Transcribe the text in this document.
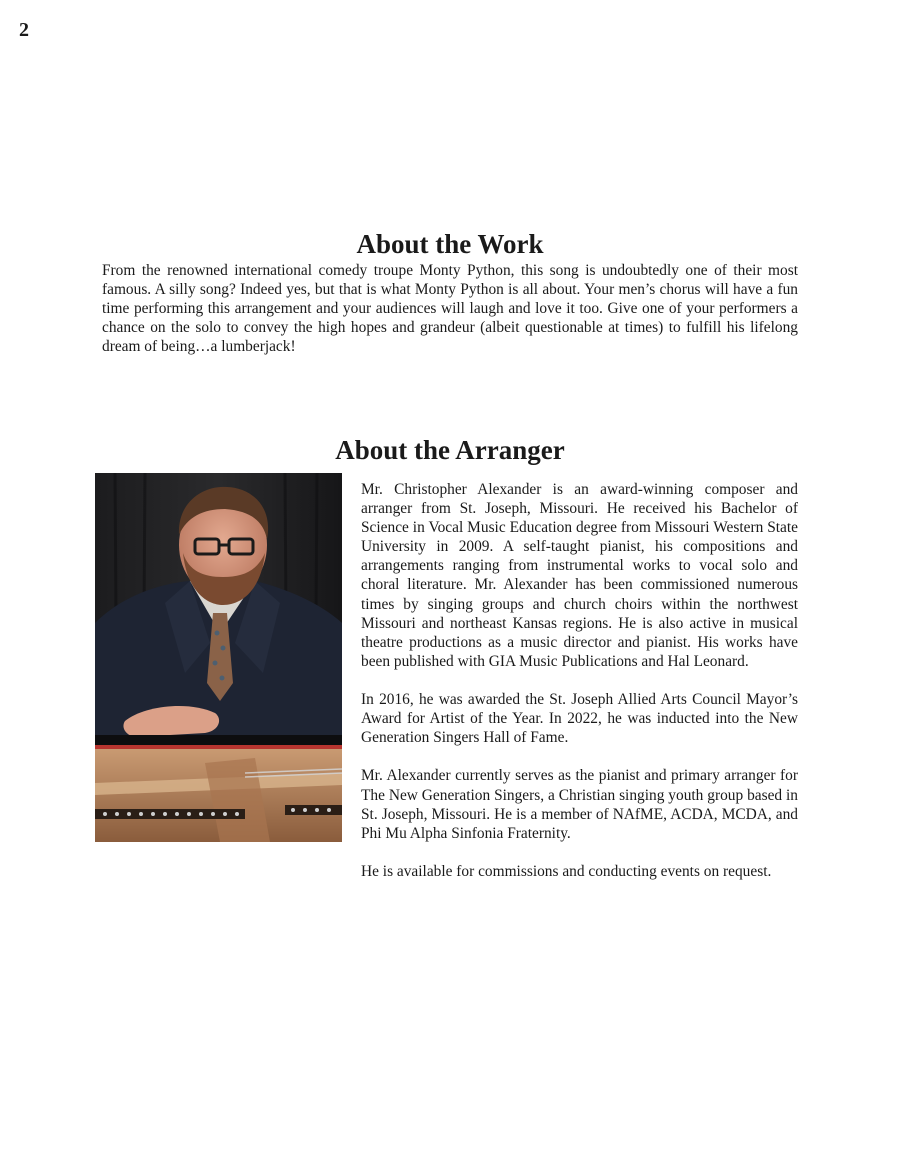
2
About the Work

From the renowned international comedy troupe Monty Python, this song is undoubtedly one of their most famous. A silly song? Indeed yes, but that is what Monty Python is all about. Your men’s chorus will have a fun time performing this arrangement and your audiences will laugh and love it too. Give one of your performers a chance on the solo to convey the high hopes and grandeur (albeit questionable at times) to fulfill his lifelong dream of being…a lumberjack!

About the Arranger

Mr. Christopher Alexander is an award-winning composer and arranger from St. Joseph, Missouri. He received his Bachelor of Science in Vocal Music Education degree from Missouri Western State University in 2009. A self-taught pianist, his compositions and arrangements ranging from instrumental works to vocal solo and choral literature. Mr. Alexander has been commissioned numerous times by singing groups and church choirs within the northwest Missouri and northeast Kansas regions. He is also active in musical theatre productions as a music director and pianist. His works have been published with GIA Music Publications and Hal Leonard.

In 2016, he was awarded the St. Joseph Allied Arts Council Mayor’s Award for Artist of the Year. In 2022, he was inducted into the New Generation Singers Hall of Fame.

Mr. Alexander currently serves as the pianist and primary arranger for The New Generation Singers, a Christian singing youth group based in St. Joseph, Missouri. He is a member of NAfME, ACDA, MCDA, and Phi Mu Alpha Sinfonia Fraternity.

He is available for commissions and conducting events on request.
